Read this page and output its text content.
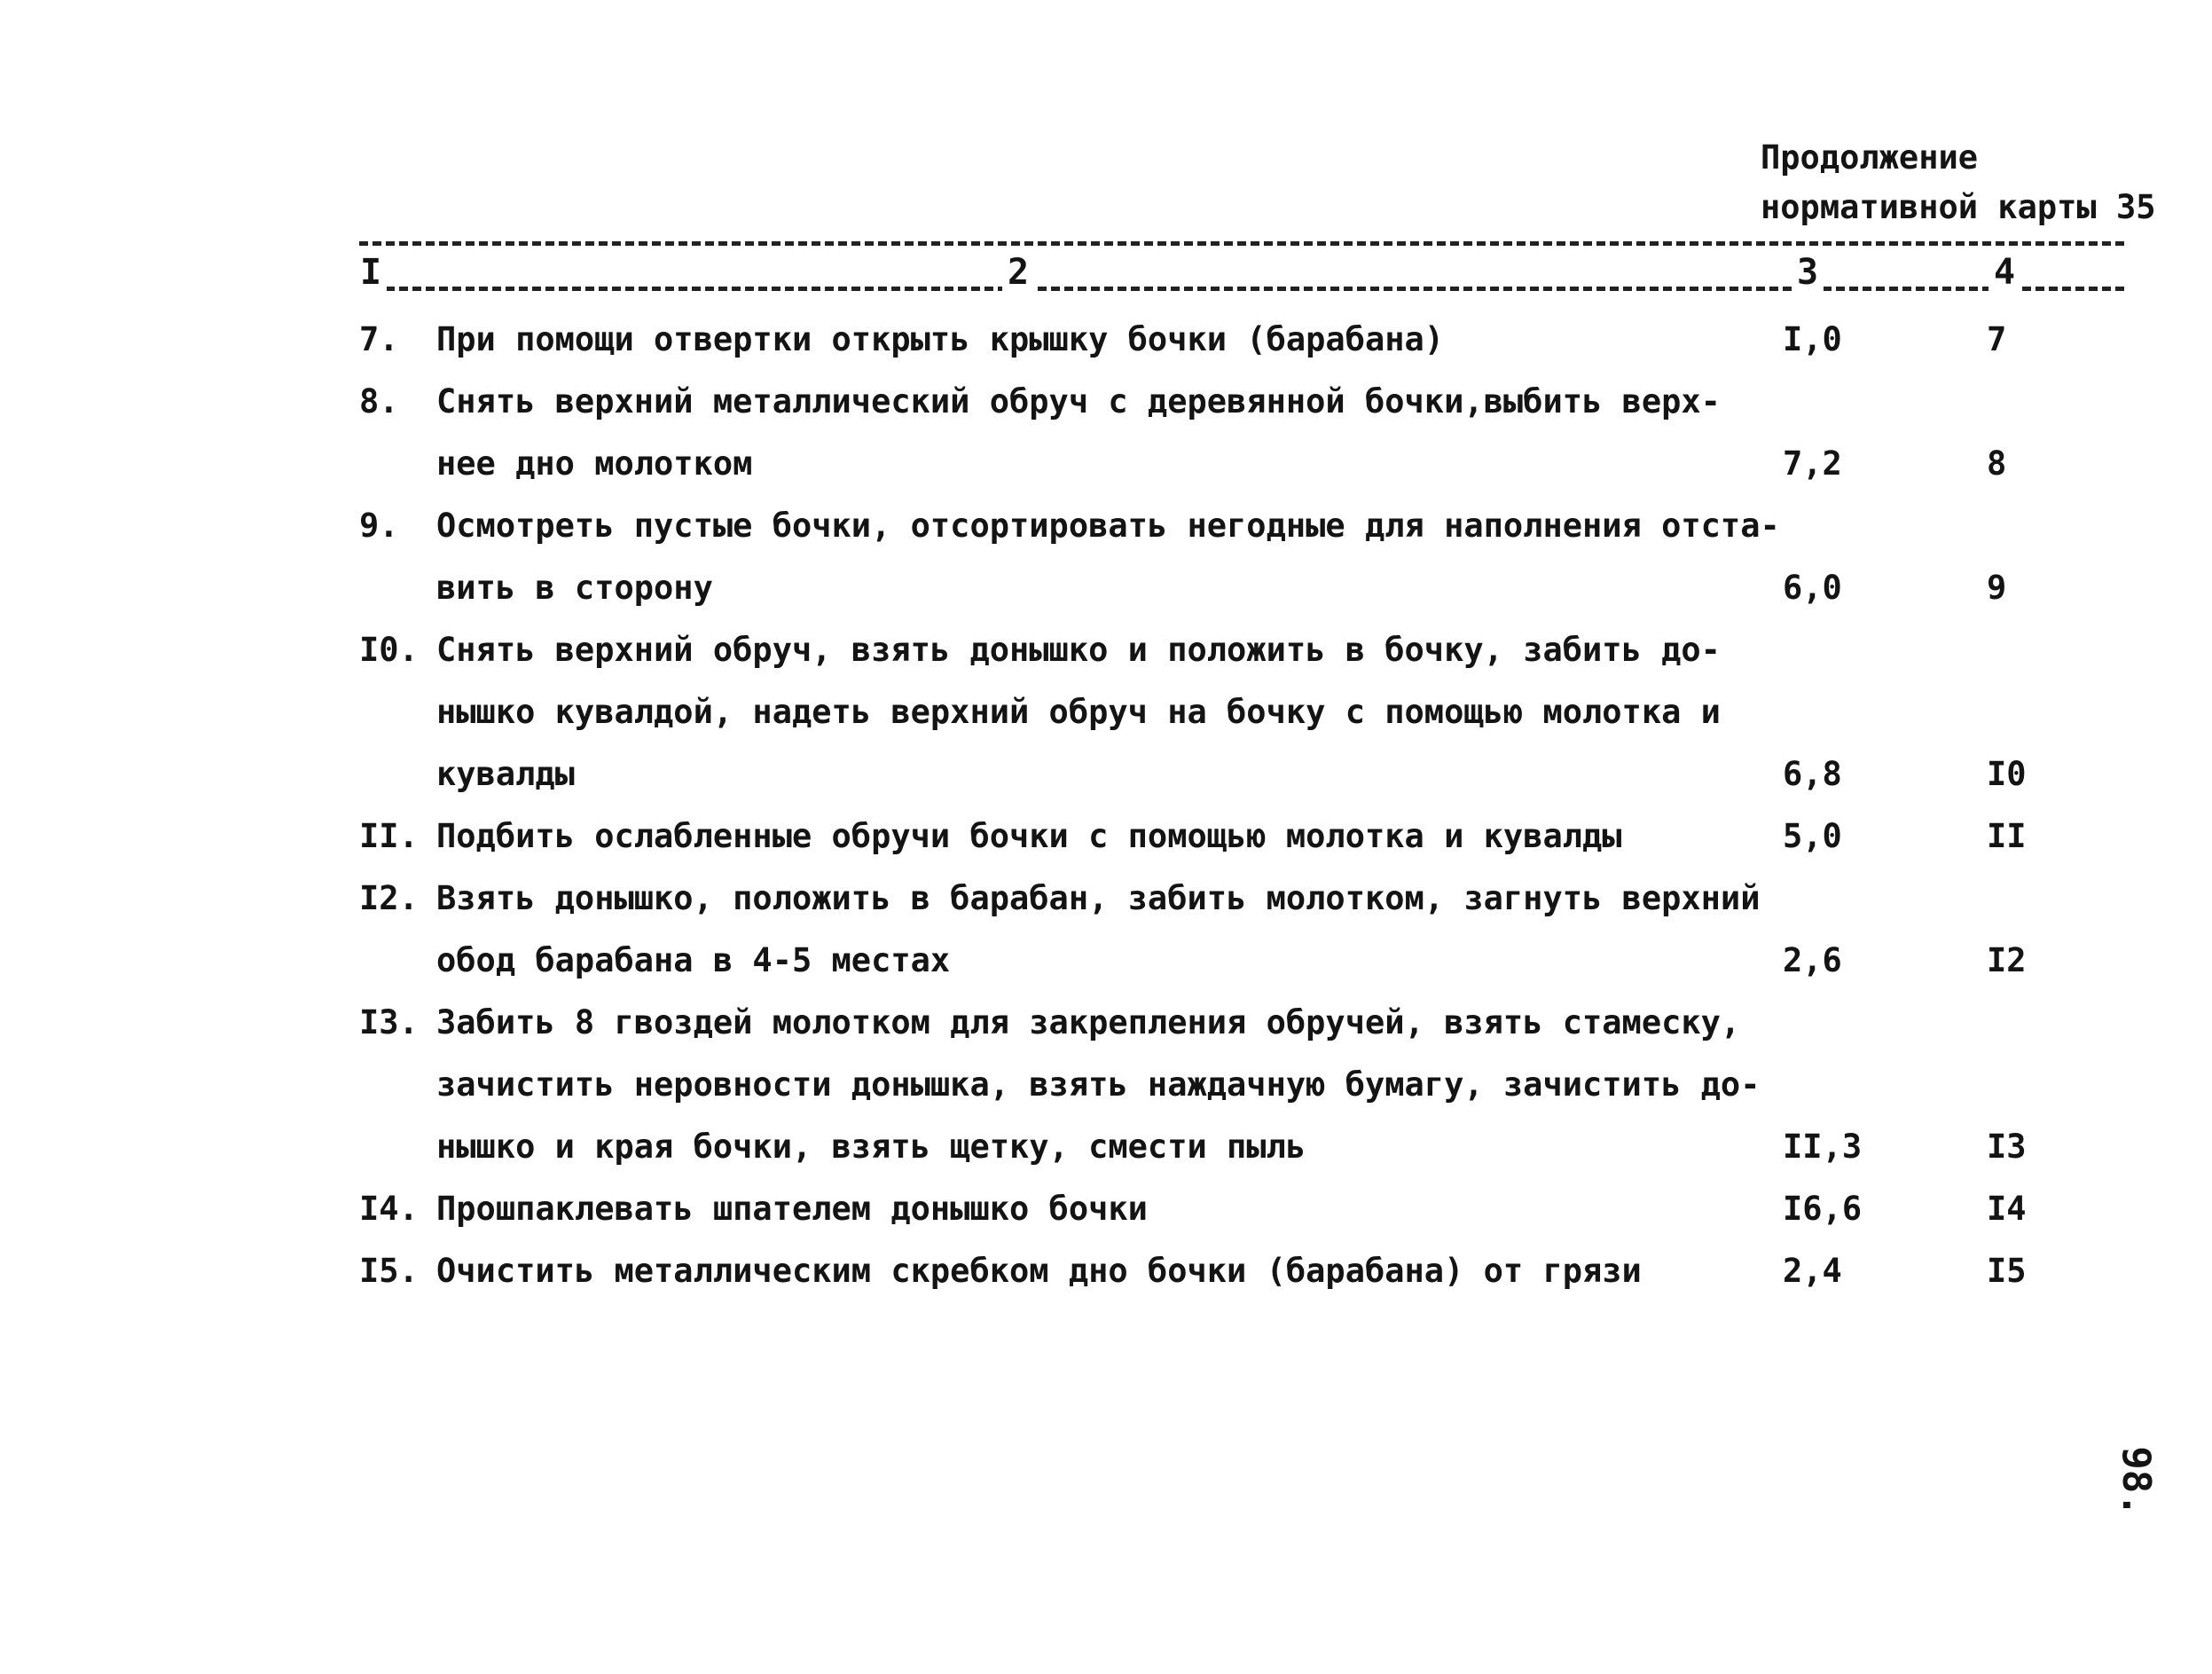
Продолжение
нормативной карты 35
I	2	3	4
7. При помощи отвертки открыть крышку бочки (барабана)	I,0	7
8. Снять верхний металлический обруч с деревянной бочки,выбить верх-
нее дно молотком	7,2	8
9. Осмотреть пустые бочки, отсортировать негодные для наполнения отста-
вить в сторону	6,0	9
I0. Снять верхний обруч, взять донышко и положить в бочку, забить до-
нышко кувалдой, надеть верхний обруч на бочку с помощью молотка и
кувалды	6,8	I0
II. Подбить ослабленные обручи бочки с помощью молотка и кувалды	5,0	II
I2. Взять донышко, положить в барабан, забить молотком, загнуть верхний
обод барабана в 4-5 местах	2,6	I2
I3. Забить 8 гвоздей молотком для закрепления обручей, взять стамеску,
зачистить неровности донышка, взять наждачную бумагу, зачистить до-
нышко и края бочки, взять щетку, смести пыль	II,3	I3
I4. Прошпаклевать шпателем донышко бочки	I6,6	I4
I5. Очистить металлическим скребком дно бочки (барабана) от грязи	2,4	I5
98.
